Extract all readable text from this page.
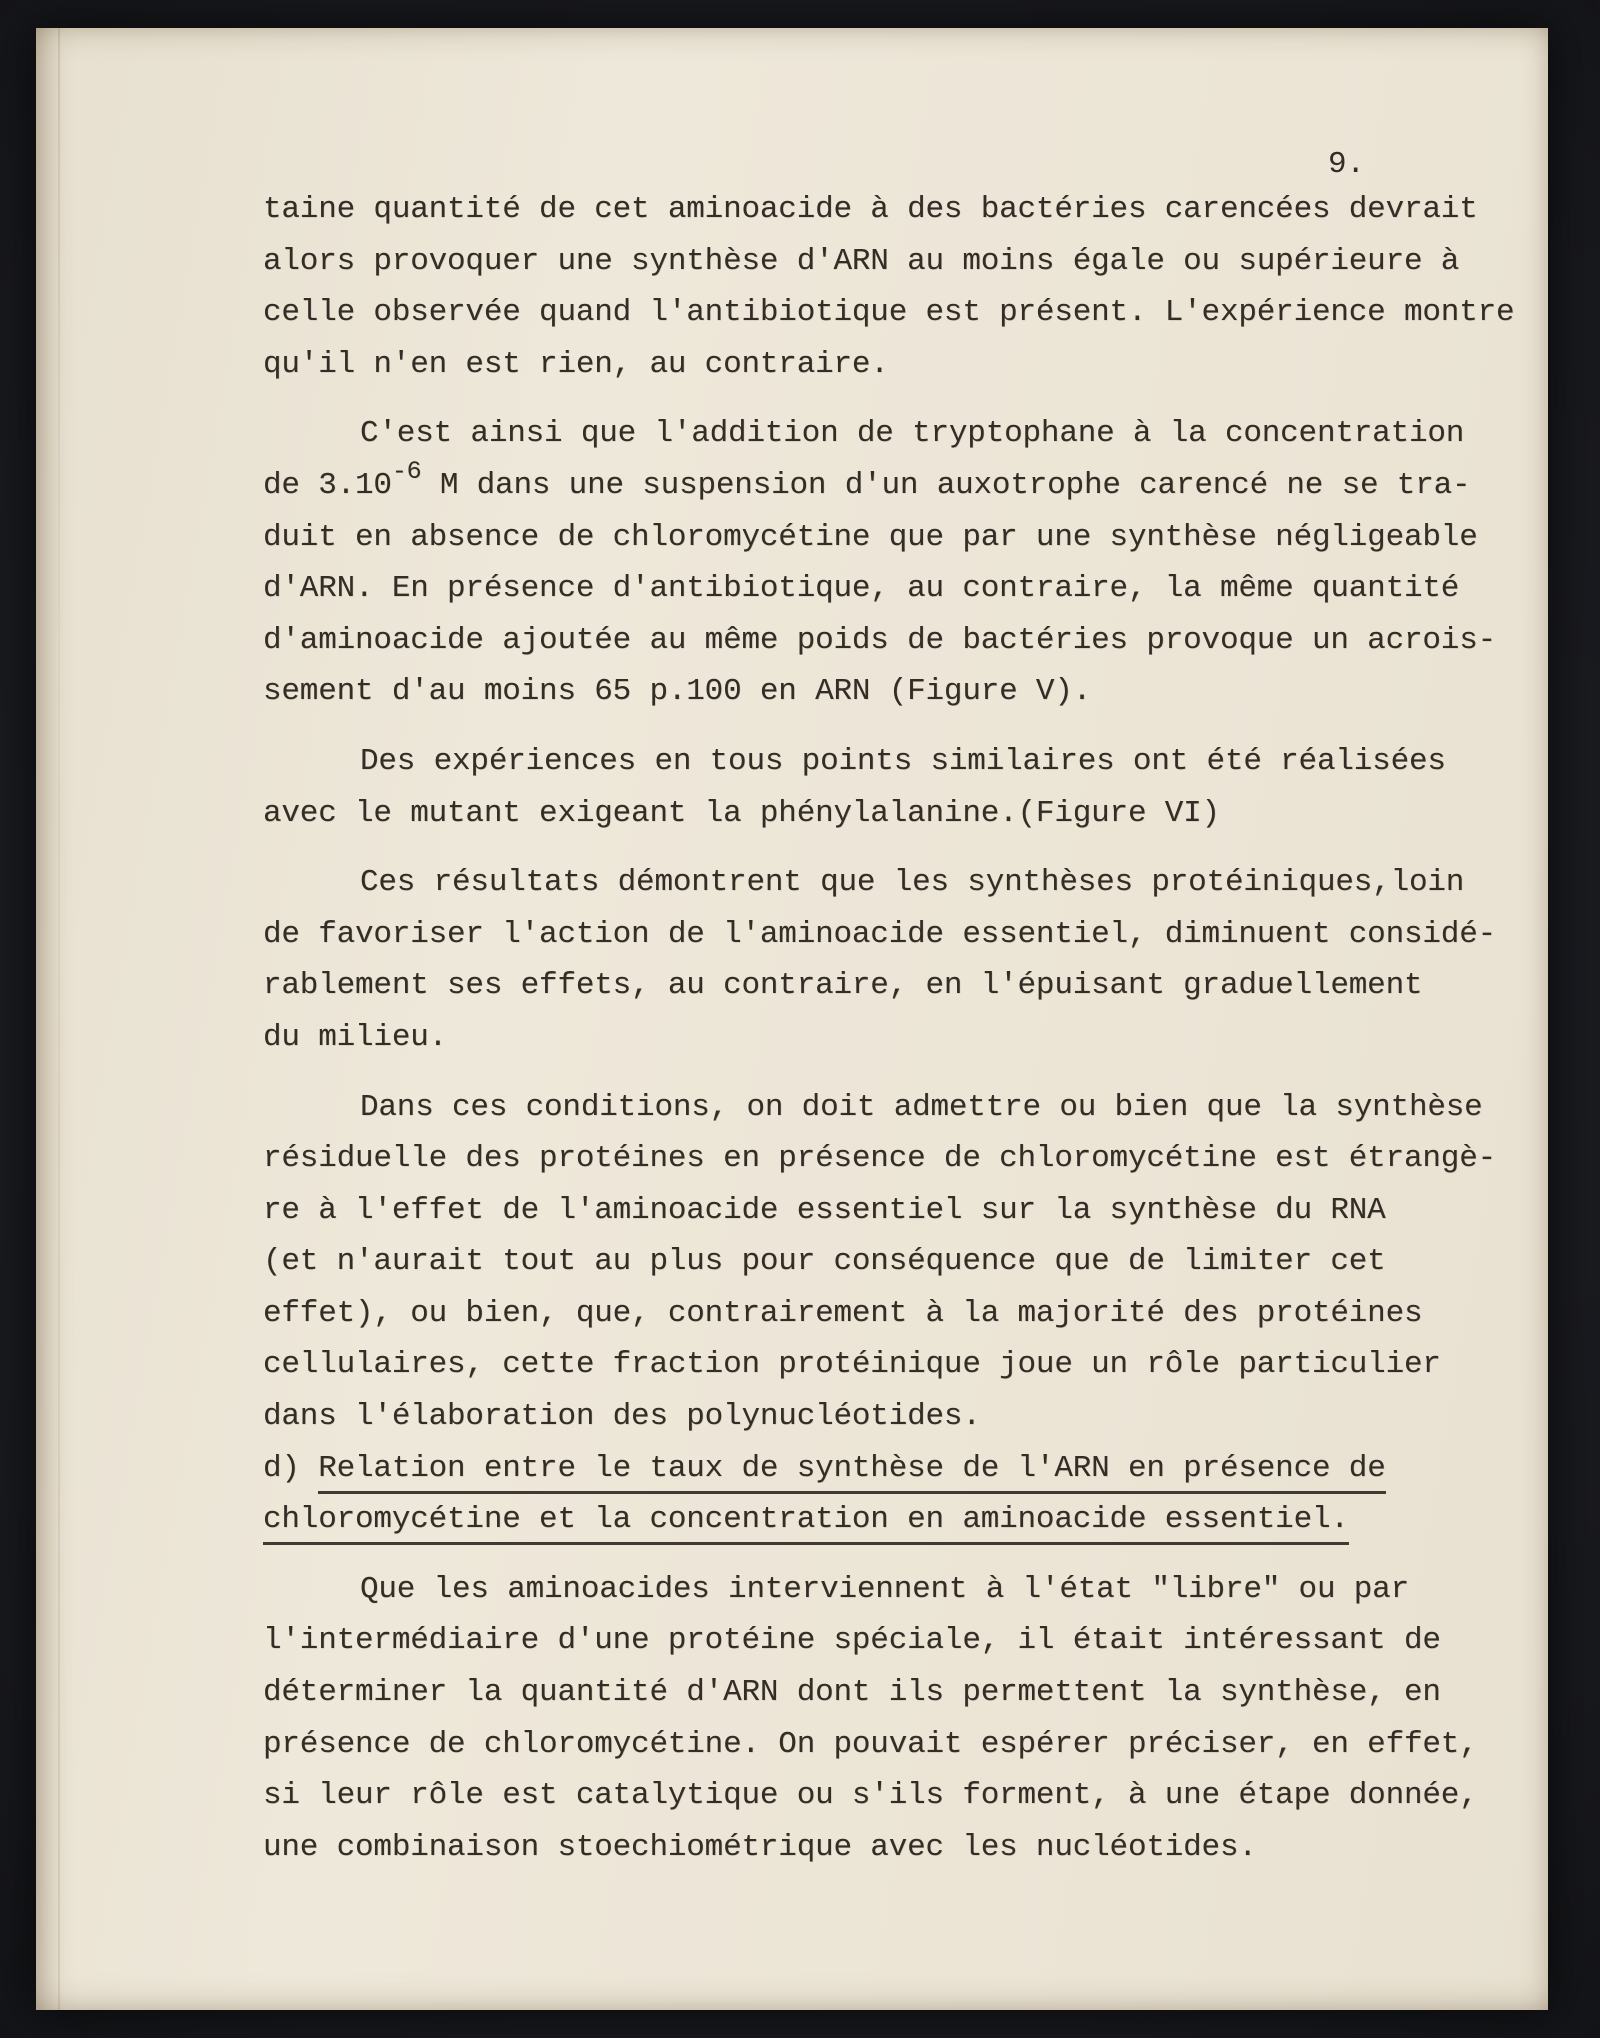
9.
taine quantité de cet aminoacide à des bactéries carencées devrait
alors provoquer une synthèse d'ARN au moins égale ou supérieure à
celle observée quand l'antibiotique est présent. L'expérience montre
qu'il n'en est rien, au contraire.
C'est ainsi que l'addition de tryptophane à la concentration
de 3.10-6 M dans une suspension d'un auxotrophe carencé ne se tra-
duit en absence de chloromycétine que par une synthèse négligeable
d'ARN. En présence d'antibiotique, au contraire, la même quantité
d'aminoacide ajoutée au même poids de bactéries provoque un acrois-
sement d'au moins 65 p.100 en ARN (Figure V).
Des expériences en tous points similaires ont été réalisées
avec le mutant exigeant la phénylalanine.(Figure VI)
Ces résultats démontrent que les synthèses protéiniques,loin
de favoriser l'action de l'aminoacide essentiel, diminuent considé-
rablement ses effets, au contraire, en l'épuisant graduellement
du milieu.
Dans ces conditions, on doit admettre ou bien que la synthèse
résiduelle des protéines en présence de chloromycétine est étrangè-
re à l'effet de l'aminoacide essentiel sur la synthèse du RNA
(et n'aurait tout au plus pour conséquence que de limiter cet
effet), ou bien, que, contrairement à la majorité des protéines
cellulaires, cette fraction protéinique joue un rôle particulier
dans l'élaboration des polynucléotides.
d) Relation entre le taux de synthèse de l'ARN en présence de
chloromycétine et la concentration en aminoacide essentiel.
Que les aminoacides interviennent à l'état "libre" ou par
l'intermédiaire d'une protéine spéciale, il était intéressant de
déterminer la quantité d'ARN dont ils permettent la synthèse, en
présence de chloromycétine. On pouvait espérer préciser, en effet,
si leur rôle est catalytique ou s'ils forment, à une étape donnée,
une combinaison stoechiométrique avec les nucléotides.
